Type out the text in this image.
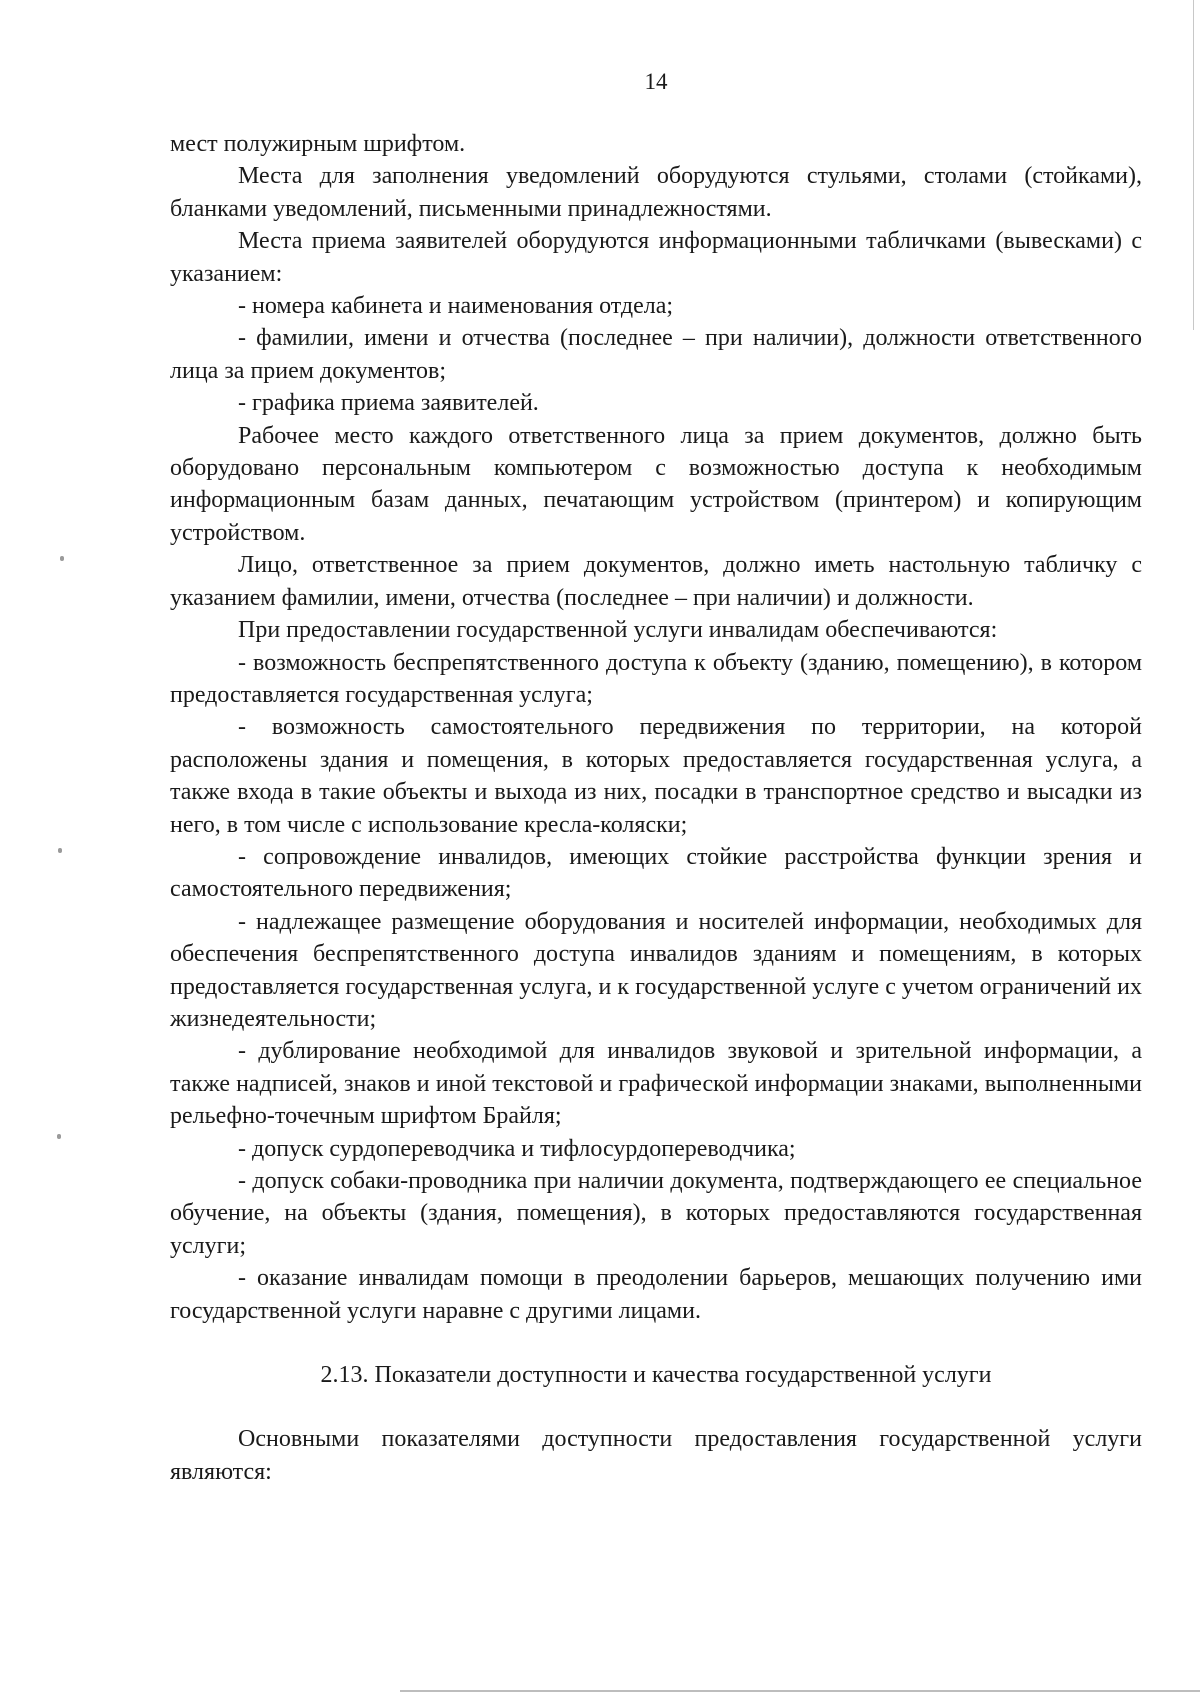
14

мест полужирным шрифтом.

Места для заполнения уведомлений оборудуются стульями, столами (стойками), бланками уведомлений, письменными принадлежностями.

Места приема заявителей оборудуются информационными табличками (вывесками) с указанием:

- номера кабинета и наименования отдела;

- фамилии, имени и отчества (последнее – при наличии), должности ответственного лица за прием документов;

- графика приема заявителей.

Рабочее место каждого ответственного лица за прием документов, должно быть оборудовано персональным компьютером с возможностью доступа к необходимым информационным базам данных, печатающим устройством (принтером) и копирующим устройством.

Лицо, ответственное за прием документов, должно иметь настольную табличку с указанием фамилии, имени, отчества (последнее – при наличии) и должности.

При предоставлении государственной услуги инвалидам обеспечиваются:

- возможность беспрепятственного доступа к объекту (зданию, помещению), в котором предоставляется государственная услуга;

- возможность самостоятельного передвижения по территории, на которой расположены здания и помещения, в которых предоставляется государственная услуга, а также входа в такие объекты и выхода из них, посадки в транспортное средство и высадки из него, в том числе с использование кресла-коляски;

- сопровождение инвалидов, имеющих стойкие расстройства функции зрения и самостоятельного передвижения;

- надлежащее размещение оборудования и носителей информации, необходимых для обеспечения беспрепятственного доступа инвалидов зданиям и помещениям, в которых предоставляется государственная услуга, и к государственной услуге с учетом ограничений их жизнедеятельности;

- дублирование необходимой для инвалидов звуковой и зрительной информации, а также надписей, знаков и иной текстовой и графической информации знаками, выполненными рельефно-точечным шрифтом Брайля;

- допуск сурдопереводчика и тифлосурдопереводчика;

- допуск собаки-проводника при наличии документа, подтверждающего ее специальное обучение, на объекты (здания, помещения), в которых предоставляются государственная услуги;

- оказание инвалидам помощи в преодолении барьеров, мешающих получению ими государственной услуги наравне с другими лицами.

2.13. Показатели доступности и качества государственной услуги

Основными показателями доступности предоставления государственной услуги являются:
